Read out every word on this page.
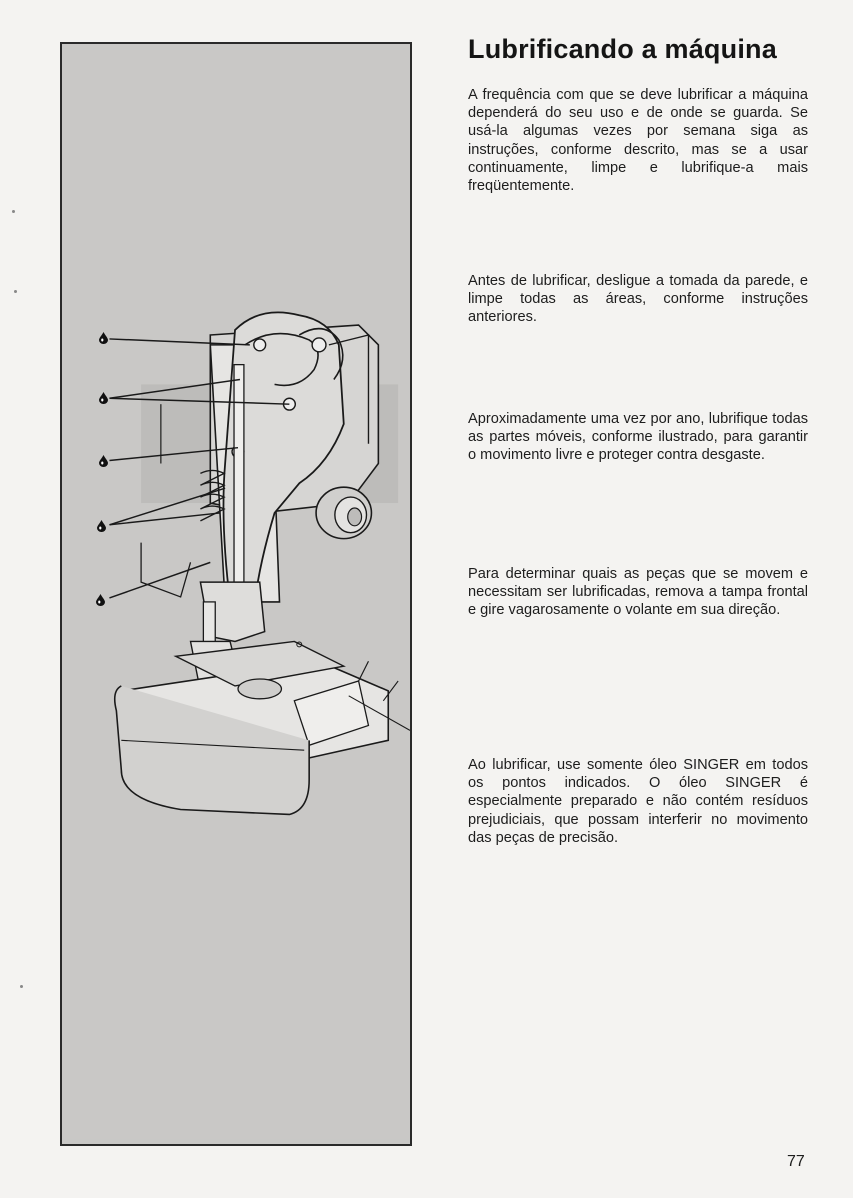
Lubrificando a máquina

A frequência com que se deve lubrificar a máquina dependerá do seu uso e de onde se guarda. Se usá-la algumas vezes por semana siga as instruções, conforme descrito, mas se a usar continuamente, limpe e lubrifique-a mais freqüentemente.

Antes de lubrificar, desligue a tomada da parede, e limpe todas as áreas, conforme instruções anteriores.

Aproximadamente uma vez por ano, lubrifique todas as partes móveis, conforme ilustrado, para garantir o movimento livre e proteger contra desgaste.

Para determinar quais as peças que se movem e necessitam ser lubrificadas, remova a tampa frontal e gire vagarosamente o volante em sua direção.

Ao lubrificar, use somente óleo SINGER em todos os pontos indicados. O óleo SINGER é especialmente preparado e não contém resíduos prejudiciais, que possam interferir no movimento das peças de precisão.

77
